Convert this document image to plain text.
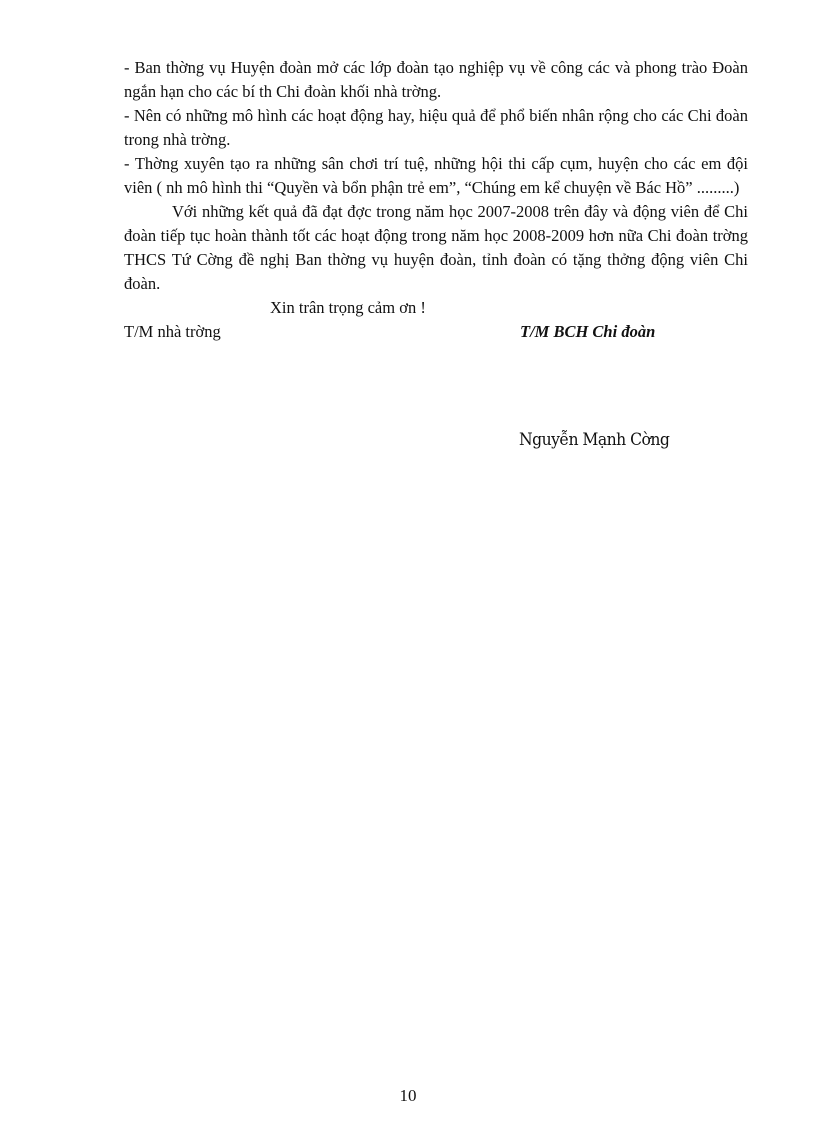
- Ban thờng vụ Huyện đoàn mở các lớp đoàn tạo nghiệp vụ về công các và phong trào Đoàn ngắn hạn cho các bí th Chi đoàn khối nhà trờng.

- Nên có những mô hình các hoạt động hay, hiệu quả để phổ biến nhân rộng cho các Chi đoàn trong nhà trờng.

- Thờng xuyên tạo ra những sân chơi trí tuệ, những hội thi cấp cụm, huyện cho các em đội viên ( nh mô hình thi “Quyền và bổn phận trẻ em”, “Chúng em kể chuyện về Bác Hồ” .........)

Với những kết quả đã đạt đợc trong năm học 2007-2008 trên đây và động viên để Chi đoàn tiếp tục hoàn thành tốt các hoạt động trong năm học 2008-2009 hơn nữa Chi đoàn trờng THCS Tứ Cờng đề nghị Ban thờng vụ huyện đoàn, tỉnh đoàn có tặng thởng động viên Chi đoàn.

Xin trân trọng cảm ơn !

T/M nhà trờng	T/M BCH Chi đoàn
Nguyễn Mạnh Cờng
10
